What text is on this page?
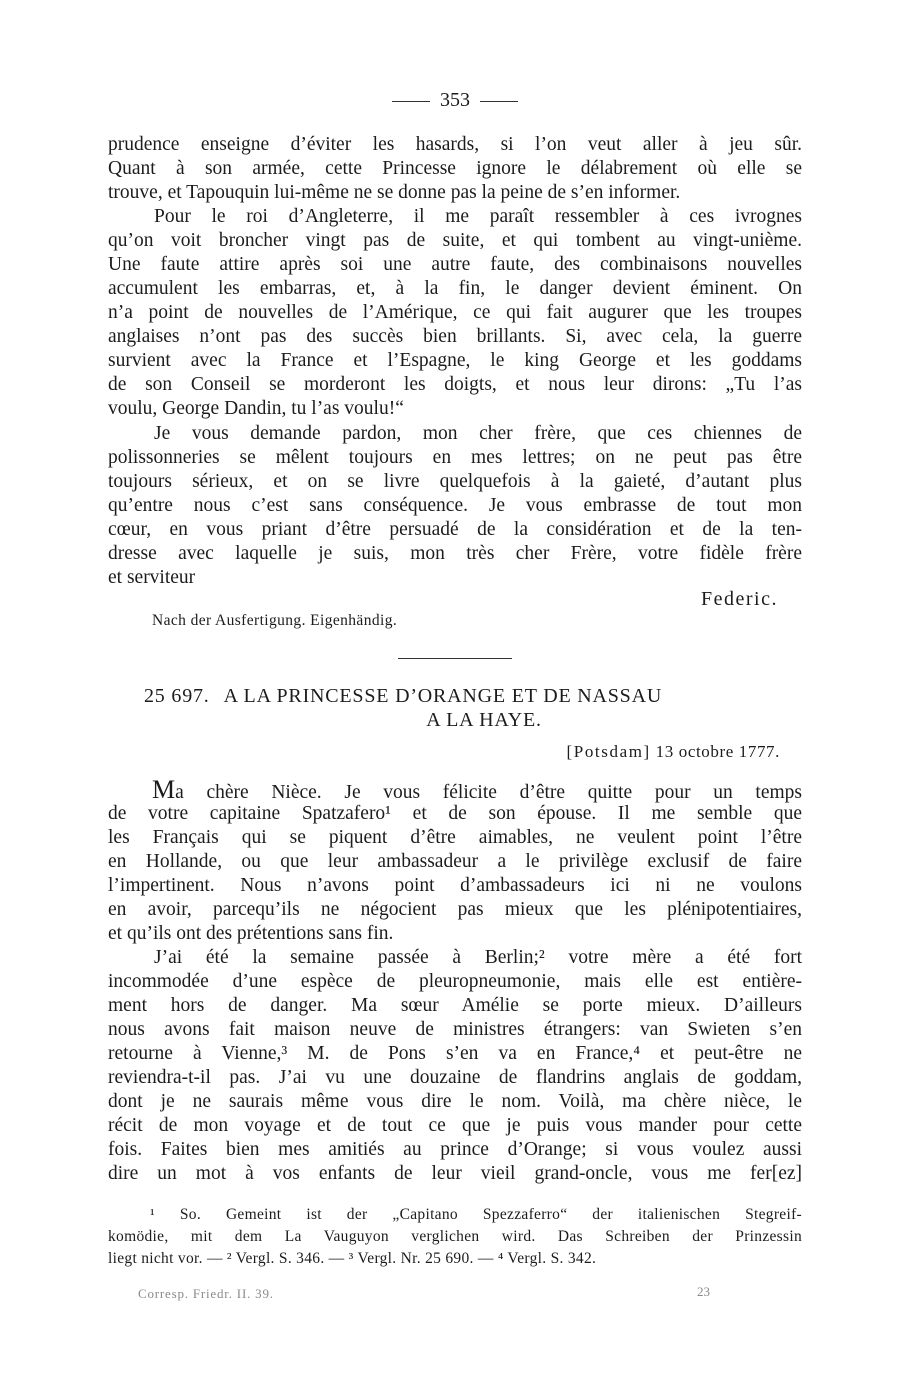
353
prudence enseigne d’éviter les hasards, si l’on veut aller à jeu sûr.
Quant à son armée, cette Princesse ignore le délabrement où elle se
trouve, et Tapouquin lui-même ne se donne pas la peine de s’en informer.
Pour le roi d’Angleterre, il me paraît ressembler à ces ivrognes
qu’on voit broncher vingt pas de suite, et qui tombent au vingt-unième.
Une faute attire après soi une autre faute, des combinaisons nouvelles
accumulent les embarras, et, à la fin, le danger devient éminent. On
n’a point de nouvelles de l’Amérique, ce qui fait augurer que les troupes
anglaises n’ont pas des succès bien brillants. Si, avec cela, la guerre
survient avec la France et l’Espagne, le king George et les goddams
de son Conseil se morderont les doigts, et nous leur dirons: „Tu l’as
voulu, George Dandin, tu l’as voulu!“
Je vous demande pardon, mon cher frère, que ces chiennes de
polissonneries se mêlent toujours en mes lettres; on ne peut pas être
toujours sérieux, et on se livre quelquefois à la gaieté, d’autant plus
qu’entre nous c’est sans conséquence. Je vous embrasse de tout mon
cœur, en vous priant d’être persuadé de la considération et de la ten-
dresse avec laquelle je suis, mon très cher Frère, votre fidèle frère
et serviteur
Federic.
Nach der Ausfertigung. Eigenhändig.
25 697. A LA PRINCESSE D’ORANGE ET DE NASSAU
A LA HAYE.
[Potsdam] 13 octobre 1777.
Ma chère Nièce. Je vous félicite d’être quitte pour un temps
de votre capitaine Spatzafero¹ et de son épouse. Il me semble que
les Français qui se piquent d’être aimables, ne veulent point l’être
en Hollande, ou que leur ambassadeur a le privilège exclusif de faire
l’impertinent. Nous n’avons point d’ambassadeurs ici ni ne voulons
en avoir, parcequ’ils ne négocient pas mieux que les plénipotentiaires,
et qu’ils ont des prétentions sans fin.
J’ai été la semaine passée à Berlin;² votre mère a été fort
incommodée d’une espèce de pleuropneumonie, mais elle est entière-
ment hors de danger. Ma sœur Amélie se porte mieux. D’ailleurs
nous avons fait maison neuve de ministres étrangers: van Swieten s’en
retourne à Vienne,³ M. de Pons s’en va en France,⁴ et peut-être ne
reviendra-t-il pas. J’ai vu une douzaine de flandrins anglais de goddam,
dont je ne saurais même vous dire le nom. Voilà, ma chère nièce, le
récit de mon voyage et de tout ce que je puis vous mander pour cette
fois. Faites bien mes amitiés au prince d’Orange; si vous voulez aussi
dire un mot à vos enfants de leur vieil grand-oncle, vous me fer[ez]
¹ So. Gemeint ist der „Capitano Spezzaferro“ der italienischen Stegreif-
komödie, mit dem La Vauguyon verglichen wird. Das Schreiben der Prinzessin
liegt nicht vor. — ² Vergl. S. 346. — ³ Vergl. Nr. 25 690. — ⁴ Vergl. S. 342.
Corresp. Friedr. II. 39.	23
